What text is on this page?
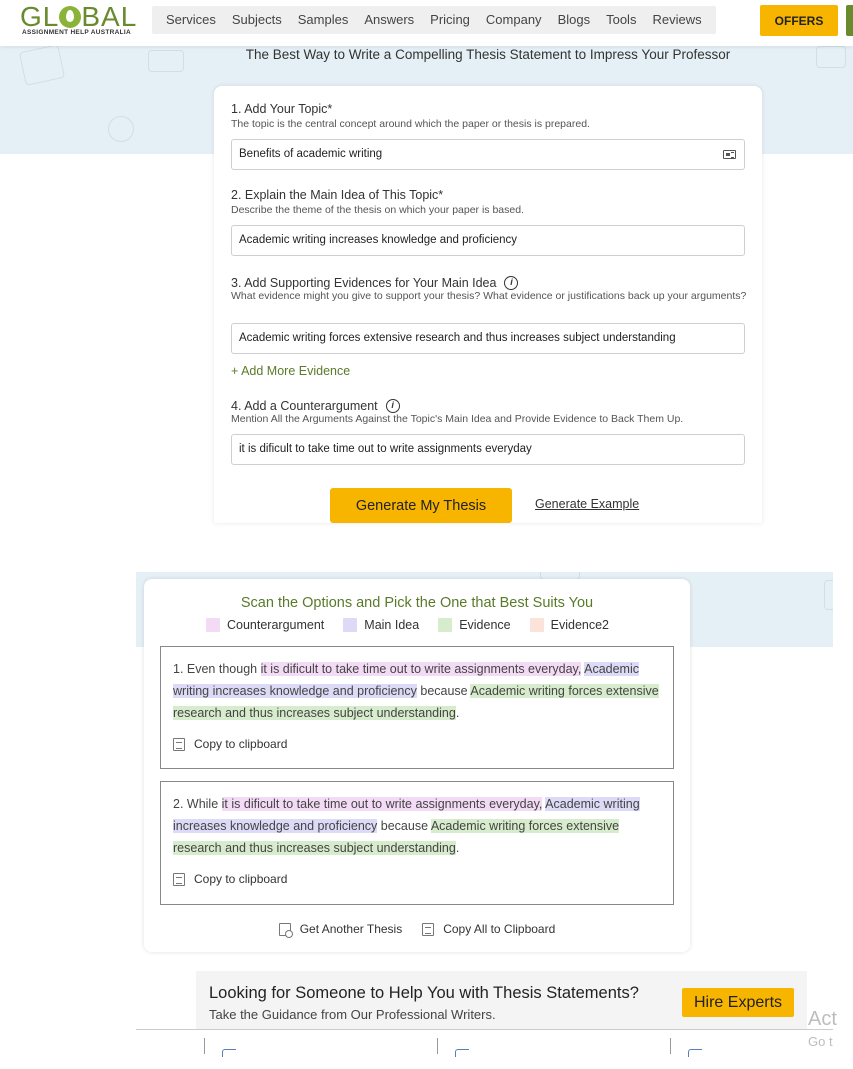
GL BAL
ASSIGNMENT HELP AUSTRALIA
Services	Subjects	Samples	Answers	Pricing	Company	Blogs	Tools	Reviews	OFFERS
The Best Way to Write a Compelling Thesis Statement to Impress Your Professor
1. Add Your Topic*
The topic is the central concept around which the paper or thesis is prepared.
Benefits of academic writing
2. Explain the Main Idea of This Topic*
Describe the theme of the thesis on which your paper is based.
Academic writing increases knowledge and proficiency
3. Add Supporting Evidences for Your Main Idea	i
What evidence might you give to support your thesis? What evidence or justifications back up your arguments?
Academic writing forces extensive research and thus increases subject understanding
+ Add More Evidence
4. Add a Counterargument	i
Mention All the Arguments Against the Topic's Main Idea and Provide Evidence to Back Them Up.
it is dificult to take time out to write assignments everyday
Generate My Thesis	Generate Example
Scan the Options and Pick the One that Best Suits You
Counterargument	Main Idea	Evidence	Evidence2
1. Even though it is dificult to take time out to write assignments everyday, Academic writing increases knowledge and proficiency because Academic writing forces extensive research and thus increases subject understanding.
Copy to clipboard
2. While it is dificult to take time out to write assignments everyday, Academic writing increases knowledge and proficiency because Academic writing forces extensive research and thus increases subject understanding.
Copy to clipboard
Get Another Thesis	Copy All to Clipboard
Looking for Someone to Help You with Thesis Statements?
Take the Guidance from Our Professional Writers.
Hire Experts
Act
Go t
